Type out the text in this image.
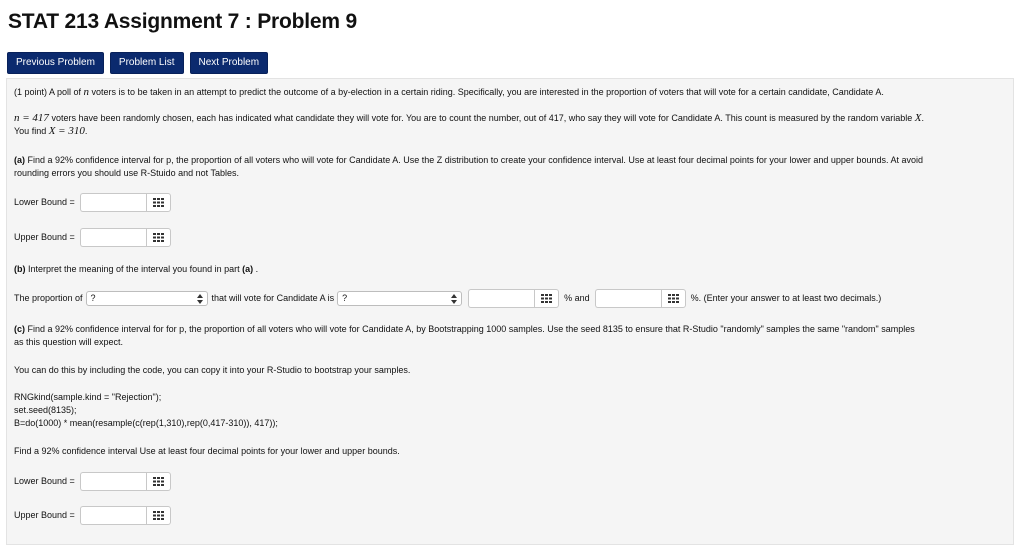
STAT 213 Assignment 7 : Problem 9
Previous Problem	Problem List	Next Problem

(1 point) A poll of n voters is to be taken in an attempt to predict the outcome of a by-election in a certain riding. Specifically, you are interested in the proportion of voters that will vote for a certain candidate, Candidate A.

n = 417 voters have been randomly chosen, each has indicated what candidate they will vote for. You are to count the number, out of 417, who say they will vote for Candidate A. This count is measured by the random variable X.

You find X = 310.

(a) Find a 92% confidence interval for p, the proportion of all voters who will vote for Candidate A. Use the Z distribution to create your confidence interval. Use at least four decimal points for your lower and upper bounds. At avoid
rounding errors you should use R-Stuido and not Tables.

Lower Bound =
Upper Bound =

(b) Interpret the meaning of the interval you found in part (a) .

The proportion of ?	that will vote for Candidate A is ?	% and	%. (Enter your answer to at least two decimals.)

(c) Find a 92% confidence interval for for p, the proportion of all voters who will vote for Candidate A, by Bootstrapping 1000 samples. Use the seed 8135 to ensure that R-Studio "randomly" samples the same "random" samples
as this question will expect.

You can do this by including the code, you can copy it into your R-Studio to bootstrap your samples.

RNGkind(sample.kind = "Rejection");
set.seed(8135);
B=do(1000) * mean(resample(c(rep(1,310),rep(0,417-310)), 417));

Find a 92% confidence interval Use at least four decimal points for your lower and upper bounds.

Lower Bound =
Upper Bound =
